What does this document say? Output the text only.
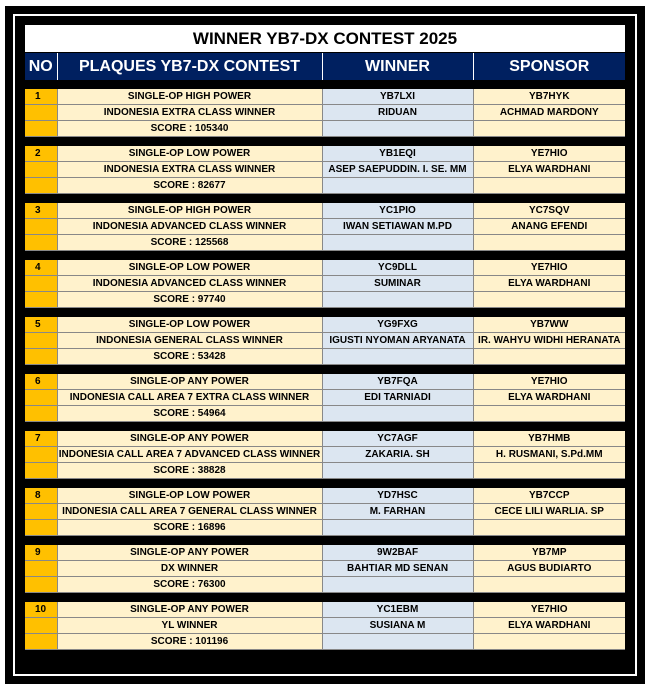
WINNER YB7-DX CONTEST 2025			
NO	PLAQUES YB7-DX CONTEST	WINNER	SPONSOR

1	SINGLE-OP HIGH POWER	YB7LXI	YB7HYK
	INDONESIA EXTRA CLASS WINNER	RIDUAN	ACHMAD MARDONY
	SCORE : 105340		

2	SINGLE-OP LOW POWER	YB1EQI	YE7HIO
	INDONESIA EXTRA CLASS WINNER	ASEP SAEPUDDIN. I. SE. MM	ELYA WARDHANI
	SCORE : 82677		

3	SINGLE-OP HIGH POWER	YC1PIO	YC7SQV
	INDONESIA ADVANCED CLASS WINNER	IWAN SETIAWAN M.PD	ANANG EFENDI
	SCORE : 125568		

4	SINGLE-OP LOW POWER	YC9DLL	YE7HIO
	INDONESIA ADVANCED CLASS WINNER	SUMINAR	ELYA WARDHANI
	SCORE : 97740		

5	SINGLE-OP LOW POWER	YG9FXG	YB7WW
	INDONESIA GENERAL CLASS WINNER	IGUSTI NYOMAN ARYANATA	IR. WAHYU WIDHI HERANATA
	SCORE : 53428		

6	SINGLE-OP ANY POWER	YB7FQA	YE7HIO
	INDONESIA CALL AREA 7 EXTRA CLASS WINNER	EDI TARNIADI	ELYA WARDHANI
	SCORE : 54964		

7	SINGLE-OP ANY POWER	YC7AGF	YB7HMB
	INDONESIA CALL AREA 7 ADVANCED CLASS WINNER	ZAKARIA. SH	H. RUSMANI, S.Pd.MM
	SCORE : 38828		

8	SINGLE-OP LOW POWER	YD7HSC	YB7CCP
	INDONESIA CALL AREA 7 GENERAL CLASS WINNER	M. FARHAN	CECE LILI WARLIA. SP
	SCORE : 16896		

9	SINGLE-OP ANY POWER	9W2BAF	YB7MP
	DX WINNER	BAHTIAR MD SENAN	AGUS BUDIARTO
	SCORE : 76300		

10	SINGLE-OP ANY POWER	YC1EBM	YE7HIO
	YL WINNER	SUSIANA M	ELYA WARDHANI
	SCORE : 101196		
